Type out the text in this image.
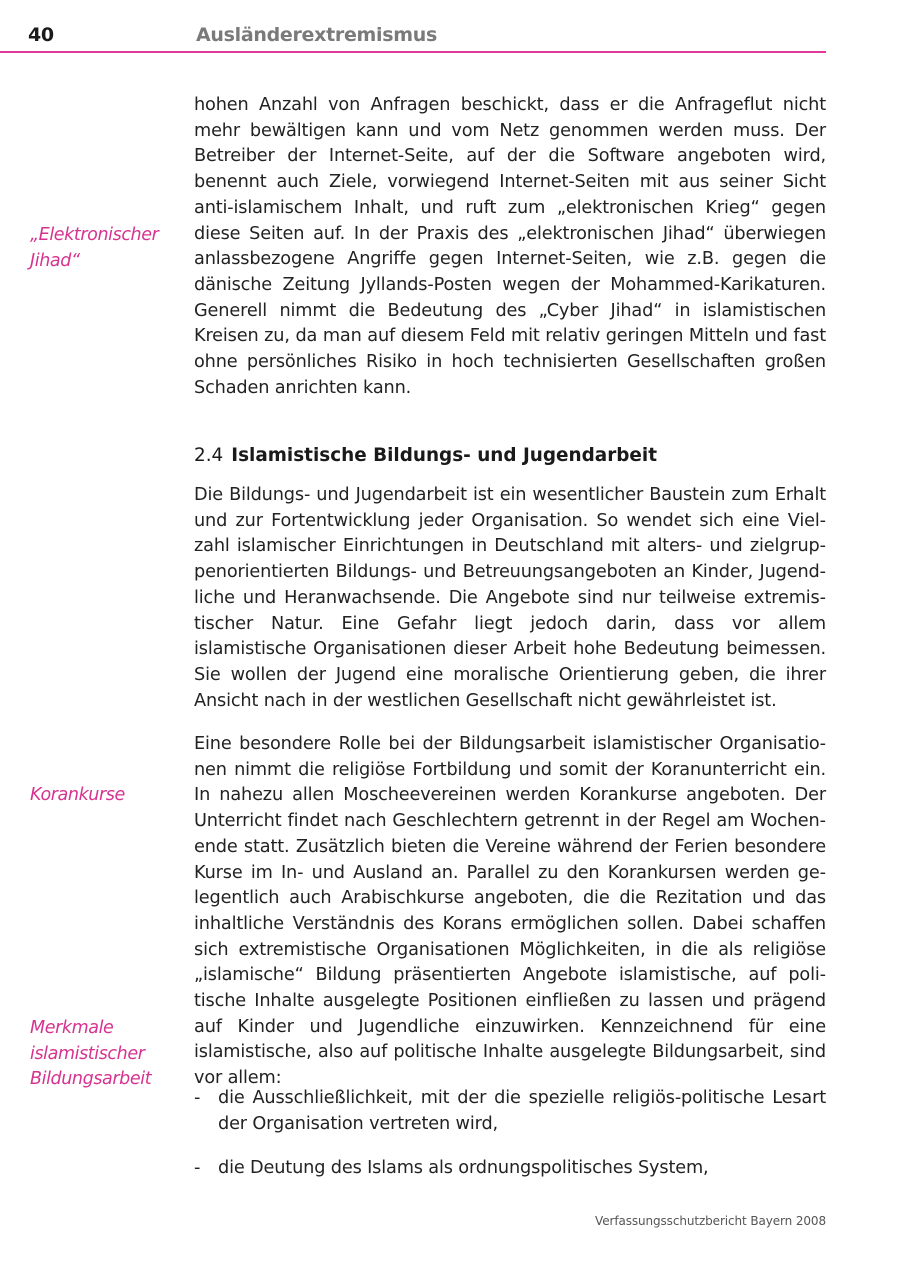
40	Ausländerextremismus
„Elektronischer Jihad“
Korankurse
Merkmale islamistischer Bildungsarbeit

hohen Anzahl von Anfragen beschickt, dass er die Anfrageflut nicht mehr bewältigen kann und vom Netz genommen werden muss. Der Betreiber der Internet-Seite, auf der die Software angeboten wird, benennt auch Ziele, vorwiegend Internet-Seiten mit aus seiner Sicht anti-islamischem Inhalt, und ruft zum „elektronischen Krieg“ gegen diese Seiten auf. In der Praxis des „elektronischen Jihad“ überwiegen anlassbezogene Angriffe gegen Internet-Seiten, wie z.B. gegen die dänische Zeitung Jyllands-Posten wegen der Mohammed-Karikaturen. Generell nimmt die Bedeutung des „Cyber Jihad“ in islamistischen Kreisen zu, da man auf diesem Feld mit relativ geringen Mitteln und fast ohne persönliches Risiko in hoch technisierten Gesellschaften großen Schaden anrichten kann.

2.4 Islamistische Bildungs- und Jugendarbeit

Die Bildungs- und Jugendarbeit ist ein wesentlicher Baustein zum Erhalt und zur Fortentwicklung jeder Organisation. So wendet sich eine Vielzahl islamischer Einrichtungen in Deutschland mit alters- und zielgruppenorientierten Bildungs- und Betreuungsangeboten an Kinder, Jugendliche und Heranwachsende. Die Angebote sind nur teilweise extremistischer Natur. Eine Gefahr liegt jedoch darin, dass vor allem islamistische Organisationen dieser Arbeit hohe Bedeutung beimessen. Sie wollen der Jugend eine moralische Orientierung geben, die ihrer Ansicht nach in der westlichen Gesellschaft nicht gewährleistet ist.

Eine besondere Rolle bei der Bildungsarbeit islamistischer Organisationen nimmt die religiöse Fortbildung und somit der Koranunterricht ein. In nahezu allen Moscheevereinen werden Korankurse angeboten. Der Unterricht findet nach Geschlechtern getrennt in der Regel am Wochenende statt. Zusätzlich bieten die Vereine während der Ferien besondere Kurse im In- und Ausland an. Parallel zu den Korankursen werden gelegentlich auch Arabischkurse angeboten, die die Rezitation und das inhaltliche Verständnis des Korans ermöglichen sollen. Dabei schaffen sich extremistische Organisationen Möglichkeiten, in die als religiöse „islamische“ Bildung präsentierten Angebote islamistische, auf politische Inhalte ausgelegte Positionen einfließen zu lassen und prägend auf Kinder und Jugendliche einzuwirken. Kennzeichnend für eine islamistische, also auf politische Inhalte ausgelegte Bildungsarbeit, sind vor allem:

- die Ausschließlichkeit, mit der die spezielle religiös-politische Lesart der Organisation vertreten wird,
- die Deutung des Islams als ordnungspolitisches System,
Verfassungsschutzbericht Bayern 2008
